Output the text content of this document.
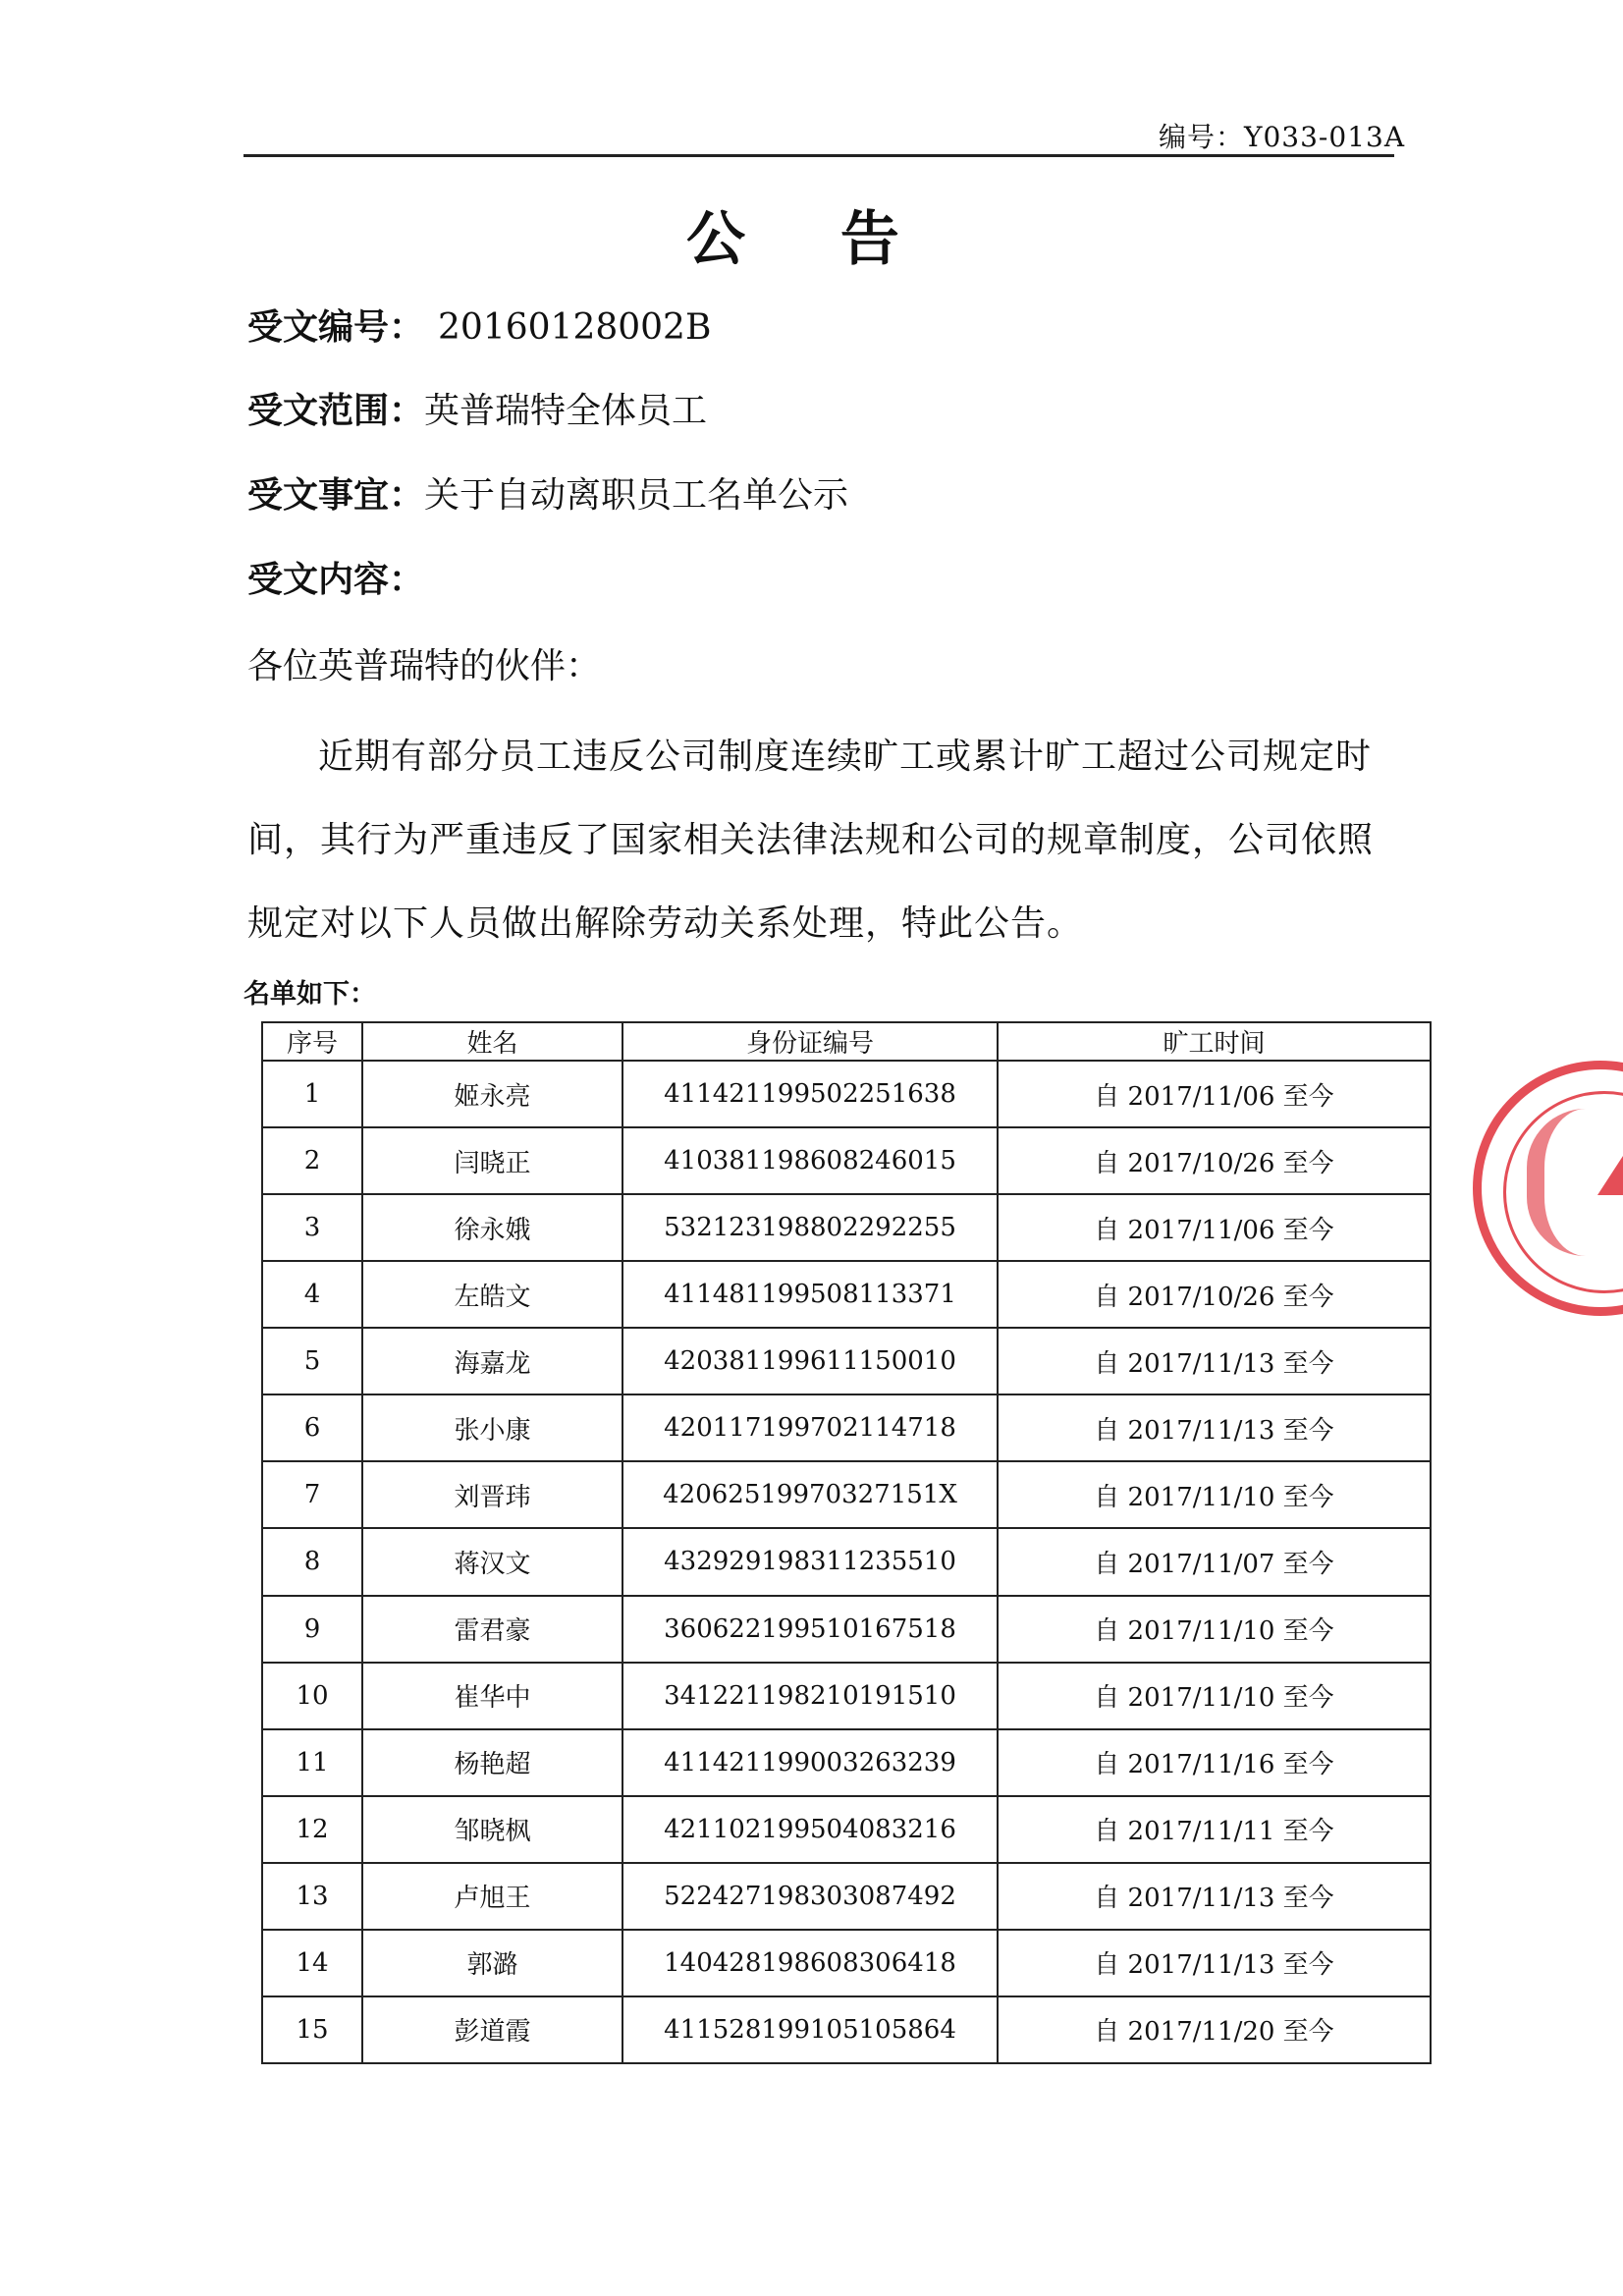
编号：Y033-013A
公 告
受文编号： 20160128002B
受文范围：英普瑞特全体员工
受文事宜：关于自动离职员工名单公示
受文内容：
各位英普瑞特的伙伴：

近期有部分员工违反公司制度连续旷工或累计旷工超过公司规定时间，其行为严重违反了国家相关法律法规和公司的规章制度，公司依照规定对以下人员做出解除劳动关系处理，特此公告。

名单如下：
序号	姓名	身份证编号	旷工时间
1	姬永亮	411421199502251638	自 2017/11/06 至今
2	闫晓正	410381198608246015	自 2017/10/26 至今
3	徐永娥	532123198802292255	自 2017/11/06 至今
4	左皓文	411481199508113371	自 2017/10/26 至今
5	海嘉龙	420381199611150010	自 2017/11/13 至今
6	张小康	420117199702114718	自 2017/11/13 至今
7	刘晋玮	42062519970327151X	自 2017/11/10 至今
8	蒋汉文	432929198311235510	自 2017/11/07 至今
9	雷君豪	360622199510167518	自 2017/11/10 至今
10	崔华中	341221198210191510	自 2017/11/10 至今
11	杨艳超	411421199003263239	自 2017/11/16 至今
12	邹晓枫	421102199504083216	自 2017/11/11 至今
13	卢旭王	522427198303087492	自 2017/11/13 至今
14	郭潞	140428198608306418	自 2017/11/13 至今
15	彭道霞	411528199105105864	自 2017/11/20 至今
